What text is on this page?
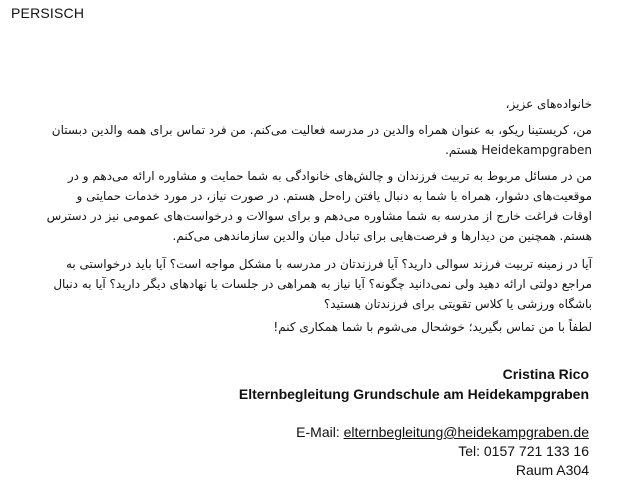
PERSISCH
خانواده‌های عزیز،
من، کریستینا ریکو، به عنوان همراه والدین در مدرسه فعالیت می‌کنم. من فرد تماس برای همه والدین دبستان Heidekampgraben هستم.
من در مسائل مربوط به تربیت فرزندان و چالش‌های خانوادگی به شما حمایت و مشاوره ارائه می‌دهم و در موقعیت‌های دشوار، همراه با شما به دنبال یافتن راه‌حل هستم. در صورت نیاز، در مورد خدمات حمایتی و اوقات فراغت خارج از مدرسه به شما مشاوره می‌دهم و برای سوالات و درخواست‌های عمومی نیز در دسترس هستم. همچنین من دیدارها و فرصت‌هایی برای تبادل میان والدین سازماندهی می‌کنم.
آیا در زمینه تربیت فرزند سوالی دارید؟ آیا فرزندتان در مدرسه با مشکل مواجه است؟ آیا باید درخواستی به مراجع دولتی ارائه دهید ولی نمی‌دانید چگونه؟ آیا نیاز به همراهی در جلسات با نهادهای دیگر دارید؟ آیا به دنبال باشگاه ورزشی یا کلاس تقویتی برای فرزندتان هستید؟
لطفاً با من تماس بگیرید؛ خوشحال می‌شوم با شما همکاری کنم!
Cristina Rico
Elternbegleitung Grundschule am Heidekampgraben
E-Mail: elternbegleitung@heidekampgraben.de
Tel: 0157 721 133 16
Raum A304
